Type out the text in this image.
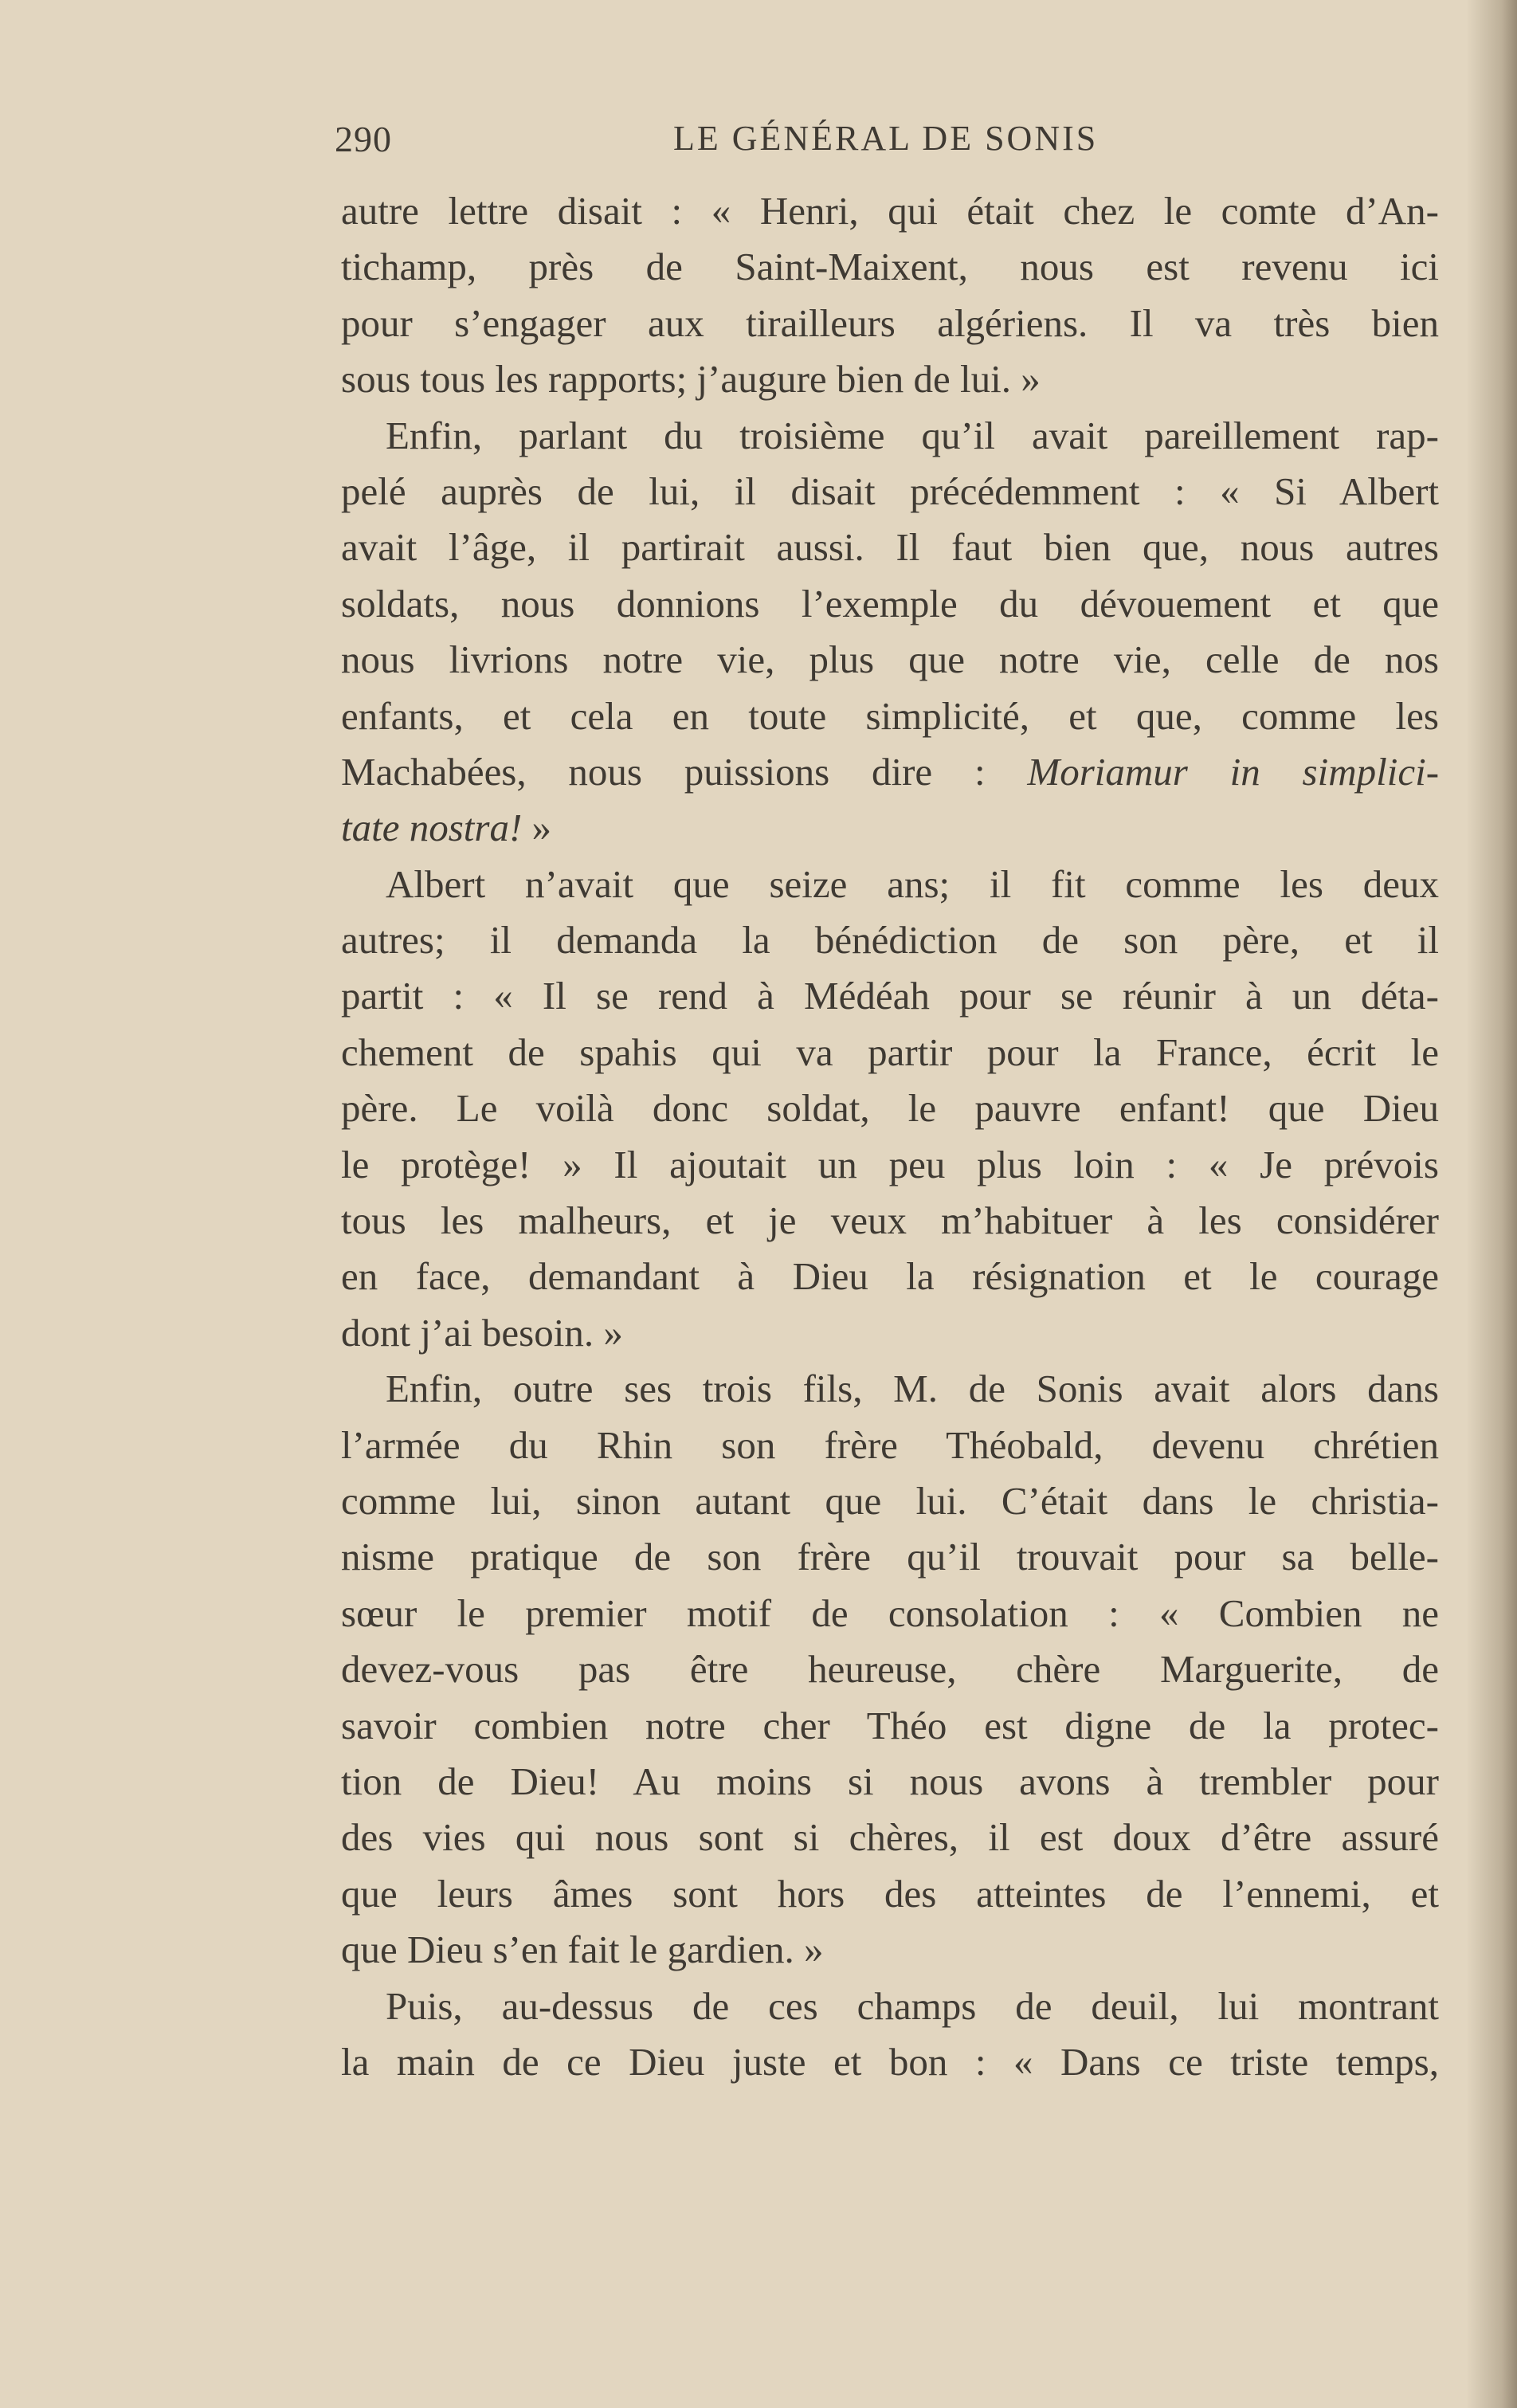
290	LE GÉNÉRAL DE SONIS
autre lettre disait : « Henri, qui était chez le comte d’An-
tichamp, près de Saint-Maixent, nous est revenu ici
pour s’engager aux tirailleurs algériens. Il va très bien
sous tous les rapports; j’augure bien de lui. »
Enfin, parlant du troisième qu’il avait pareillement rap-
pelé auprès de lui, il disait précédemment : « Si Albert
avait l’âge, il partirait aussi. Il faut bien que, nous autres
soldats, nous donnions l’exemple du dévouement et que
nous livrions notre vie, plus que notre vie, celle de nos
enfants, et cela en toute simplicité, et que, comme les
Machabées, nous puissions dire : Moriamur in simplici-
tate nostra! »
Albert n’avait que seize ans; il fit comme les deux
autres; il demanda la bénédiction de son père, et il
partit : « Il se rend à Médéah pour se réunir à un déta-
chement de spahis qui va partir pour la France, écrit le
père. Le voilà donc soldat, le pauvre enfant! que Dieu
le protège! » Il ajoutait un peu plus loin : « Je prévois
tous les malheurs, et je veux m’habituer à les considérer
en face, demandant à Dieu la résignation et le courage
dont j’ai besoin. »
Enfin, outre ses trois fils, M. de Sonis avait alors dans
l’armée du Rhin son frère Théobald, devenu chrétien
comme lui, sinon autant que lui. C’était dans le christia-
nisme pratique de son frère qu’il trouvait pour sa belle-
sœur le premier motif de consolation : « Combien ne
devez-vous pas être heureuse, chère Marguerite, de
savoir combien notre cher Théo est digne de la protec-
tion de Dieu! Au moins si nous avons à trembler pour
des vies qui nous sont si chères, il est doux d’être assuré
que leurs âmes sont hors des atteintes de l’ennemi, et
que Dieu s’en fait le gardien. »
Puis, au-dessus de ces champs de deuil, lui montrant
la main de ce Dieu juste et bon : « Dans ce triste temps,
